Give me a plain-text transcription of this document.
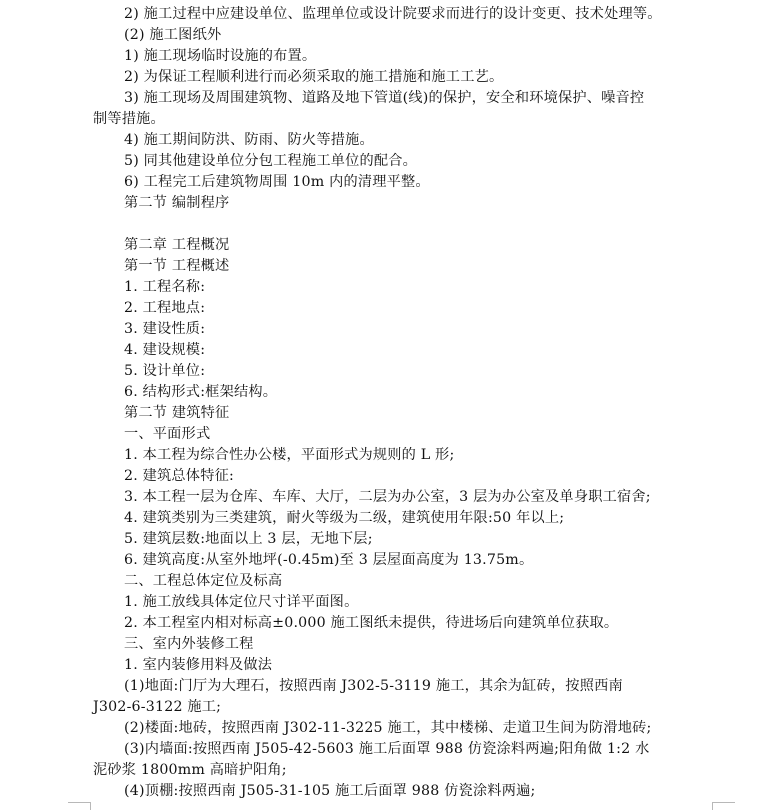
2) 施工过程中应建设单位、监理单位或设计院要求而进行的设计变更、技术处理等。
(2) 施工图纸外
1) 施工现场临时设施的布置。
2) 为保证工程顺利进行而必须采取的施工措施和施工工艺。
3) 施工现场及周围建筑物、道路及地下管道(线)的保护，安全和环境保护、噪音控
制等措施。
4) 施工期间防洪、防雨、防火等措施。
5) 同其他建设单位分包工程施工单位的配合。
6) 工程完工后建筑物周围 10m 内的清理平整。
第二节 编制程序
第二章 工程概况
第一节 工程概述
1. 工程名称:
2. 工程地点:
3. 建设性质:
4. 建设规模:
5. 设计单位:
6. 结构形式:框架结构。
第二节 建筑特征
一、平面形式
1. 本工程为综合性办公楼，平面形式为规则的 L 形;
2. 建筑总体特征:
3. 本工程一层为仓库、车库、大厅，二层为办公室，3 层为办公室及单身职工宿舍;
4. 建筑类别为三类建筑，耐火等级为二级，建筑使用年限:50 年以上;
5. 建筑层数:地面以上 3 层，无地下层;
6. 建筑高度:从室外地坪(-0.45m)至 3 层屋面高度为 13.75m。
二、工程总体定位及标高
1. 施工放线具体定位尺寸详平面图。
2. 本工程室内相对标高±0.000 施工图纸未提供，待进场后向建筑单位获取。
三、室内外装修工程
1. 室内装修用料及做法
(1)地面:门厅为大理石，按照西南 J302-5-3119 施工，其余为缸砖，按照西南
J302-6-3122 施工;
(2)楼面:地砖，按照西南 J302-11-3225 施工，其中楼梯、走道卫生间为防滑地砖;
(3)内墙面:按照西南 J505-42-5603 施工后面罩 988 仿瓷涂料两遍;阳角做 1:2 水
泥砂浆 1800mm 高暗护阳角;
(4)顶棚:按照西南 J505-31-105 施工后面罩 988 仿瓷涂料两遍;
